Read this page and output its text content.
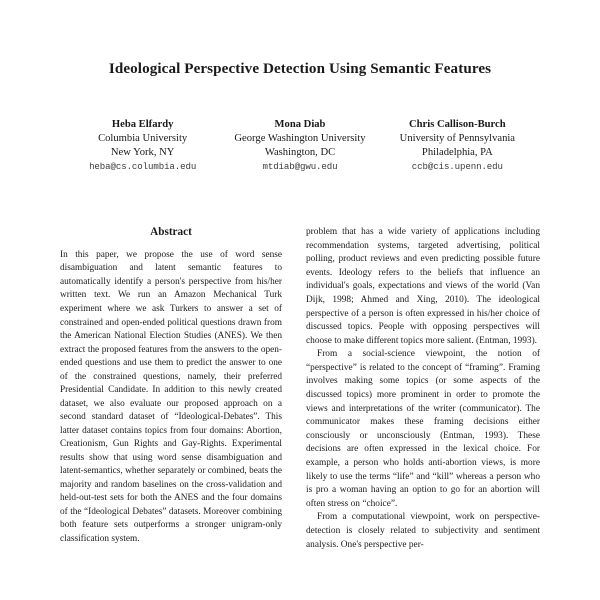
Ideological Perspective Detection Using Semantic Features
Heba Elfardy
Columbia University
New York, NY
heba@cs.columbia.edu
Mona Diab
George Washington University
Washington, DC
mtdiab@gwu.edu
Chris Callison-Burch
University of Pennsylvania
Philadelphia, PA
ccb@cis.upenn.edu
Abstract

In this paper, we propose the use of word sense disambiguation and latent semantic features to automatically identify a person's perspective from his/her written text. We run an Amazon Mechanical Turk experiment where we ask Turkers to answer a set of constrained and open-ended political questions drawn from the American National Election Studies (ANES). We then extract the proposed features from the answers to the open-ended questions and use them to predict the answer to one of the constrained questions, namely, their preferred Presidential Candidate. In addition to this newly created dataset, we also evaluate our proposed approach on a second standard dataset of “Ideological-Debates”. This latter dataset contains topics from four domains: Abortion, Creationism, Gun Rights and Gay-Rights. Experimental results show that using word sense disambiguation and latent-semantics, whether separately or combined, beats the majority and random baselines on the cross-validation and held-out-test sets for both the ANES and the four domains of the “Ideological Debates” datasets. Moreover combining both feature sets outperforms a stronger unigram-only classification system.

problem that has a wide variety of applications including recommendation systems, targeted advertising, political polling, product reviews and even predicting possible future events. Ideology refers to the beliefs that influence an individual's goals, expectations and views of the world (Van Dijk, 1998; Ahmed and Xing, 2010). The ideological perspective of a person is often expressed in his/her choice of discussed topics. People with opposing perspectives will choose to make different topics more salient. (Entman, 1993).

From a social-science viewpoint, the notion of “perspective” is related to the concept of “framing”. Framing involves making some topics (or some aspects of the discussed topics) more prominent in order to promote the views and interpretations of the writer (communicator). The communicator makes these framing decisions either consciously or unconsciously (Entman, 1993). These decisions are often expressed in the lexical choice. For example, a person who holds anti-abortion views, is more likely to use the terms “life” and “kill” whereas a person who is pro a woman having an option to go for an abortion will often stress on “choice”.

From a computational viewpoint, work on perspective-detection is closely related to subjectivity and sentiment analysis. One's perspective per-
